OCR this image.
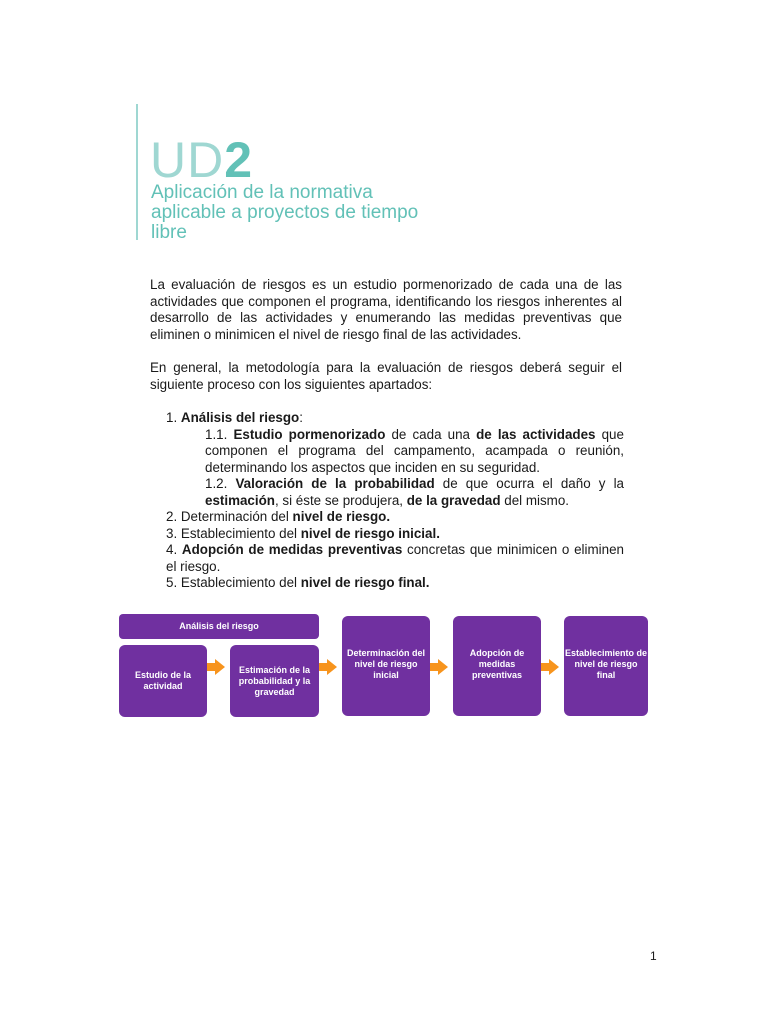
UD2
Aplicación de la normativa aplicable a proyectos de tiempo libre
La evaluación de riesgos es un estudio pormenorizado de cada una de las actividades que componen el programa, identificando los riesgos inherentes al desarrollo de las actividades y enumerando las medidas preventivas que eliminen o minimicen el nivel de riesgo final de las actividades.
En general, la metodología para la evaluación de riesgos deberá seguir el siguiente proceso con los siguientes apartados:
1. Análisis del riesgo:
1.1. Estudio pormenorizado de cada una de las actividades que componen el programa del campamento, acampada o reunión, determinando los aspectos que inciden en su seguridad.
1.2. Valoración de la probabilidad de que ocurra el daño y la estimación, si éste se produjera, de la gravedad del mismo.
2. Determinación del nivel de riesgo.
3. Establecimiento del nivel de riesgo inicial.
4. Adopción de medidas preventivas concretas que minimicen o eliminen el riesgo.
5. Establecimiento del nivel de riesgo final.
Análisis del riesgo
Estudio de la actividad
Estimación de la probabilidad y la gravedad
Determinación del nivel de riesgo inicial
Adopción de medidas preventivas
Establecimiento de nivel de riesgo final
1
